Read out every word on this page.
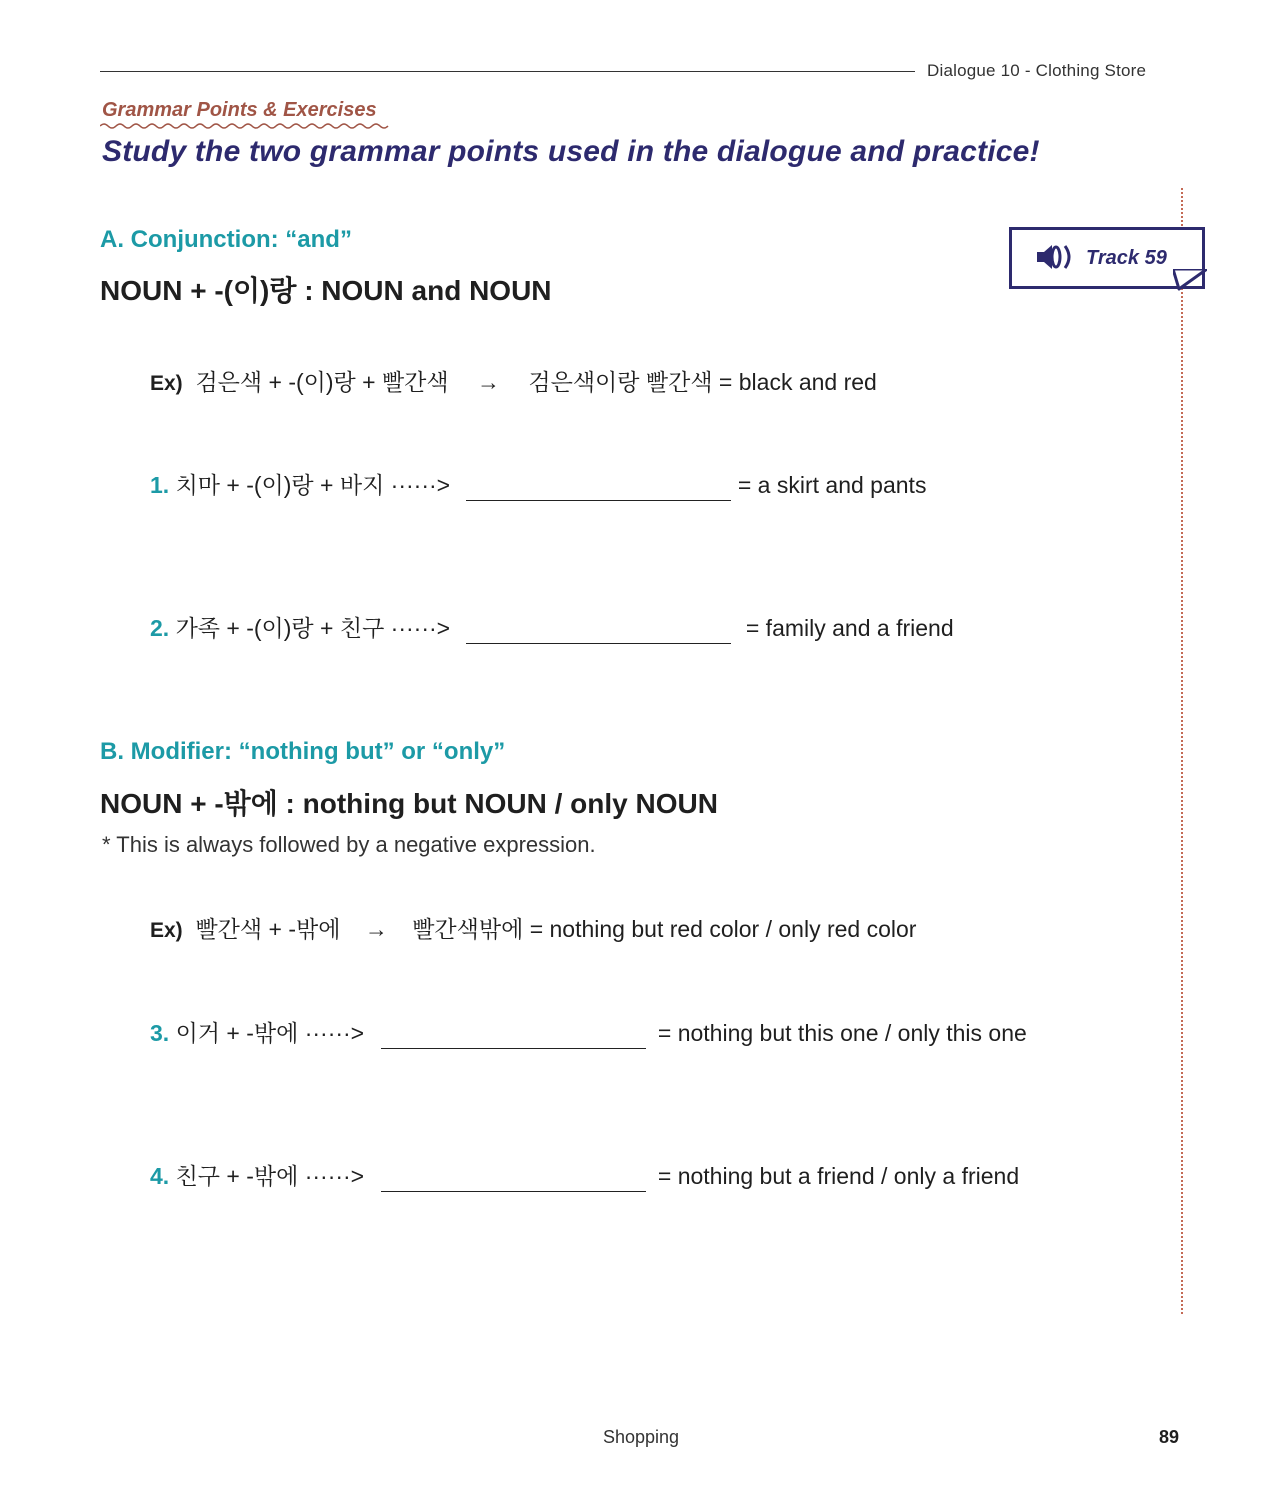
Dialogue 10 - Clothing Store
Grammar Points & Exercises
Study the two grammar points used in the dialogue and practice!
Track 59
A. Conjunction: “and”
NOUN + -(이)랑 : NOUN and NOUN
Ex) 검은색 + -(이)랑 + 빨간색 → 검은색이랑 빨간색 = black and red
1. 치마 + -(이)랑 + 바지 ······>	= a skirt and pants
2. 가족 + -(이)랑 + 친구 ······>	= family and a friend
B. Modifier: “nothing but” or “only”
NOUN + -밖에 : nothing but NOUN / only NOUN
* This is always followed by a negative expression.
Ex) 빨간색 + -밖에 → 빨간색밖에 = nothing but red color / only red color
3. 이거 + -밖에 ······>	= nothing but this one / only this one
4. 친구 + -밖에 ······>	= nothing but a friend / only a friend
Shopping	89
